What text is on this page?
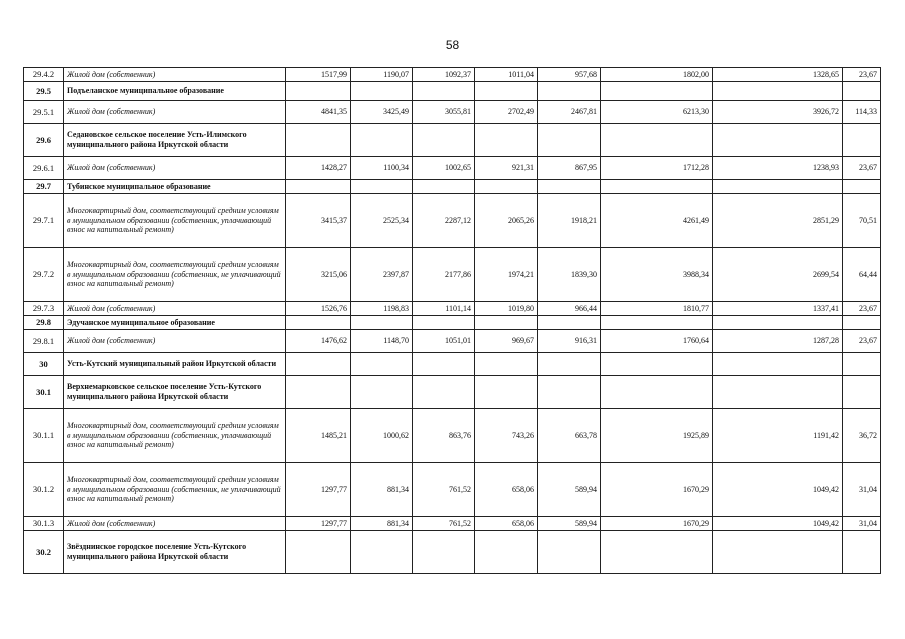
58
29.4.2	Жилой дом (собственник)	1517,99	1190,07	1092,37	1011,04	957,68	1802,00	1328,65	23,67
29.5	Подъеланское муниципальное образование								
29.5.1	Жилой дом (собственник)	4841,35	3425,49	3055,81	2702,49	2467,81	6213,30	3926,72	114,33
29.6	Седановское сельское поселение Усть-Илимского муниципального района Иркутской области								
29.6.1	Жилой дом (собственник)	1428,27	1100,34	1002,65	921,31	867,95	1712,28	1238,93	23,67
29.7	Тубинское муниципальное образование								
29.7.1	Многоквартирный дом, соответствующий средним условиям в муниципальном образовании (собственник, уплачивающий взнос на капитальный ремонт)	3415,37	2525,34	2287,12	2065,26	1918,21	4261,49	2851,29	70,51
29.7.2	Многоквартирный дом, соответствующий средним условиям в муниципальном образовании (собственник, не уплачивающий взнос на капитальный ремонт)	3215,06	2397,87	2177,86	1974,21	1839,30	3988,34	2699,54	64,44
29.7.3	Жилой дом (собственник)	1526,76	1198,83	1101,14	1019,80	966,44	1810,77	1337,41	23,67
29.8	Эдучанское муниципальное образование								
29.8.1	Жилой дом (собственник)	1476,62	1148,70	1051,01	969,67	916,31	1760,64	1287,28	23,67
30	Усть-Кутский муниципальный район Иркутской области								
30.1	Верхнемарковское сельское поселение Усть-Кутского муниципального района Иркутской области								
30.1.1	Многоквартирный дом, соответствующий средним условиям в муниципальном образовании (собственник, уплачивающий взнос на капитальный ремонт)	1485,21	1000,62	863,76	743,26	663,78	1925,89	1191,42	36,72
30.1.2	Многоквартирный дом, соответствующий средним условиям в муниципальном образовании (собственник, не уплачивающий взнос на капитальный ремонт)	1297,77	881,34	761,52	658,06	589,94	1670,29	1049,42	31,04
30.1.3	Жилой дом (собственник)	1297,77	881,34	761,52	658,06	589,94	1670,29	1049,42	31,04
30.2	Звёзднинское городское поселение Усть-Кутского муниципального района Иркутской области								
